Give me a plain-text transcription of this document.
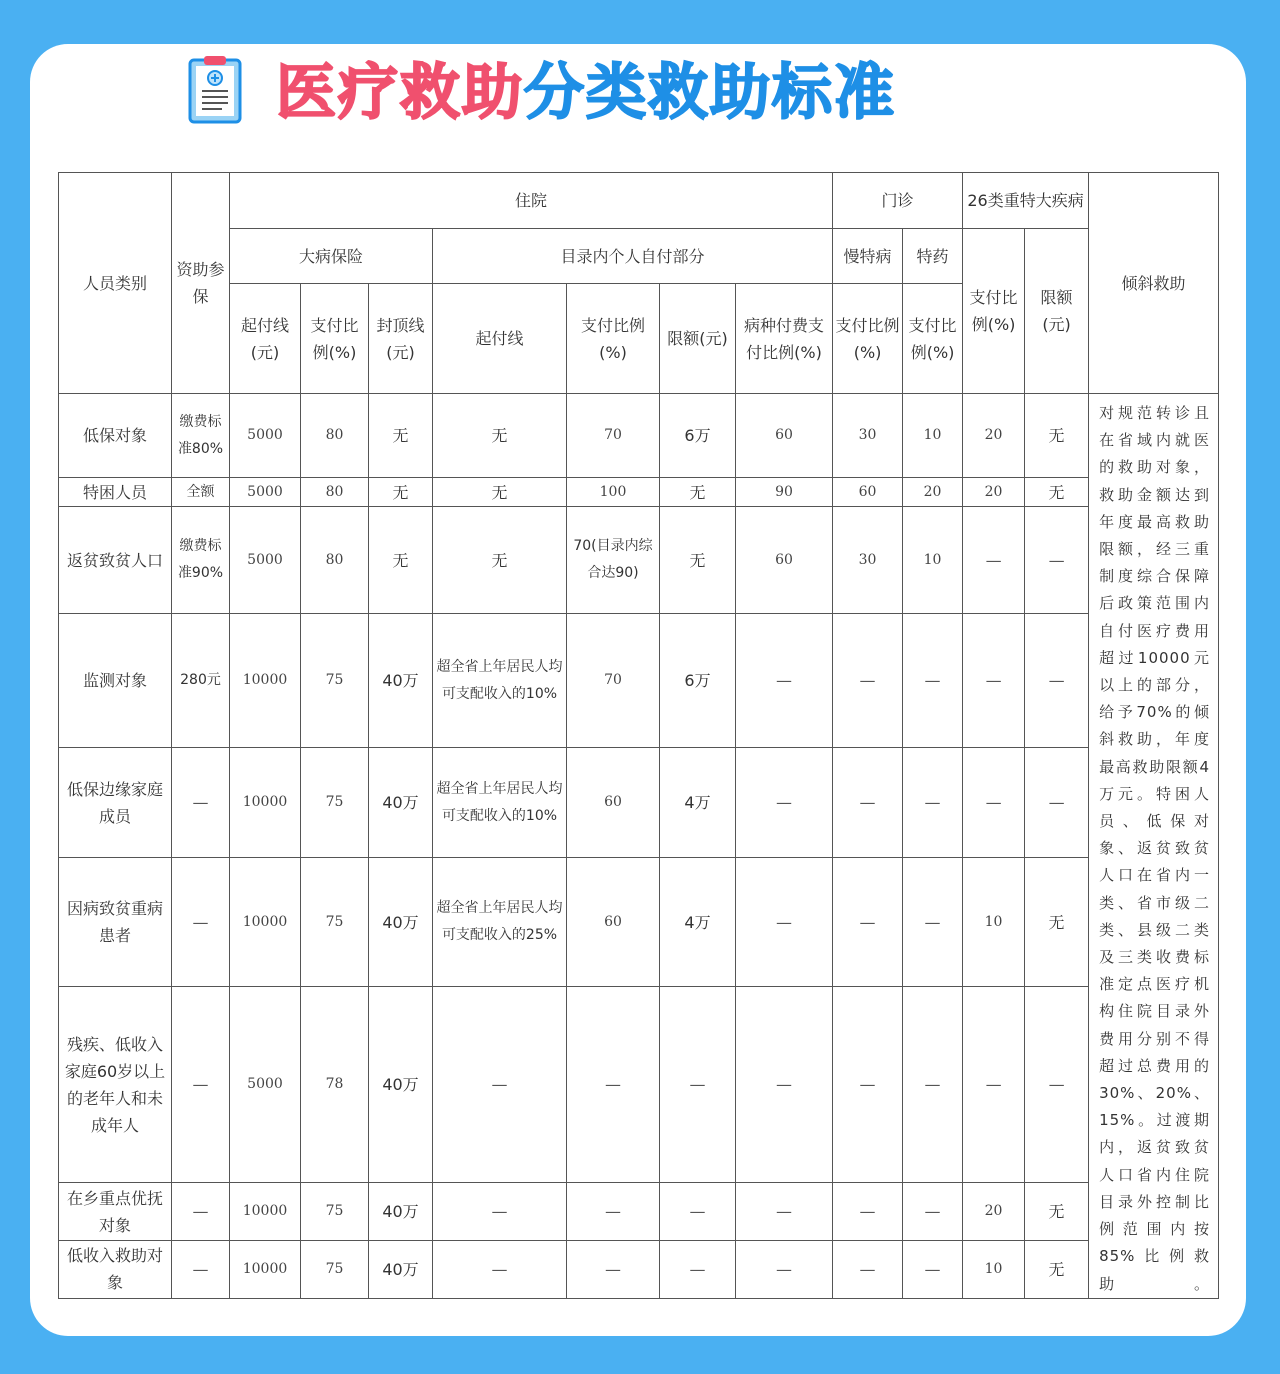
医疗救助分类救助标准
人员类别	资助参保	住院							门诊		26类重特大疾病		倾斜救助
		大病保险			目录内个人自付部分				慢特病	特药	支付比例(%)	限额(元)	
		起付线(元)	支付比例(%)	封顶线(元)	起付线	支付比例(%)	限额(元)	病种付费支付比例(%)	支付比例(%)	支付比例(%)			
低保对象	缴费标准80%	5000	80	无	无	70	6万	60	30	10	20	无	对规范转诊且在省域内就医的救助对象，救助金额达到年度最高救助限额，经三重制度综合保障后政策范围内自付医疗费用超过10000元以上的部分，给予70%的倾斜救助，年度最高救助限额4万元。特困人员、低保对象、返贫致贫人口在省内一类、省市级二类、县级二类及三类收费标准定点医疗机构住院目录外费用分别不得超过总费用的30%、20%、15%。过渡期内，返贫致贫人口省内住院目录外控制比例范围内按85%比例救助。
特困人员	全额	5000	80	无	无	100	无	90	60	20	20	无	
返贫致贫人口	缴费标准90%	5000	80	无	无	70(目录内综合达90)	无	60	30	10	—	—	
监测对象	280元	10000	75	40万	超全省上年居民人均可支配收入的10%	70	6万	—	—	—	—	—	
低保边缘家庭成员	—	10000	75	40万	超全省上年居民人均可支配收入的10%	60	4万	—	—	—	—	—	
因病致贫重病患者	—	10000	75	40万	超全省上年居民人均可支配收入的25%	60	4万	—	—	—	10	无	
残疾、低收入家庭60岁以上的老年人和未成年人	—	5000	78	40万	—	—	—	—	—	—	—	—	
在乡重点优抚对象	—	10000	75	40万	—	—	—	—	—	—	20	无	
低收入救助对象	—	10000	75	40万	—	—	—	—	—	—	10	无	
